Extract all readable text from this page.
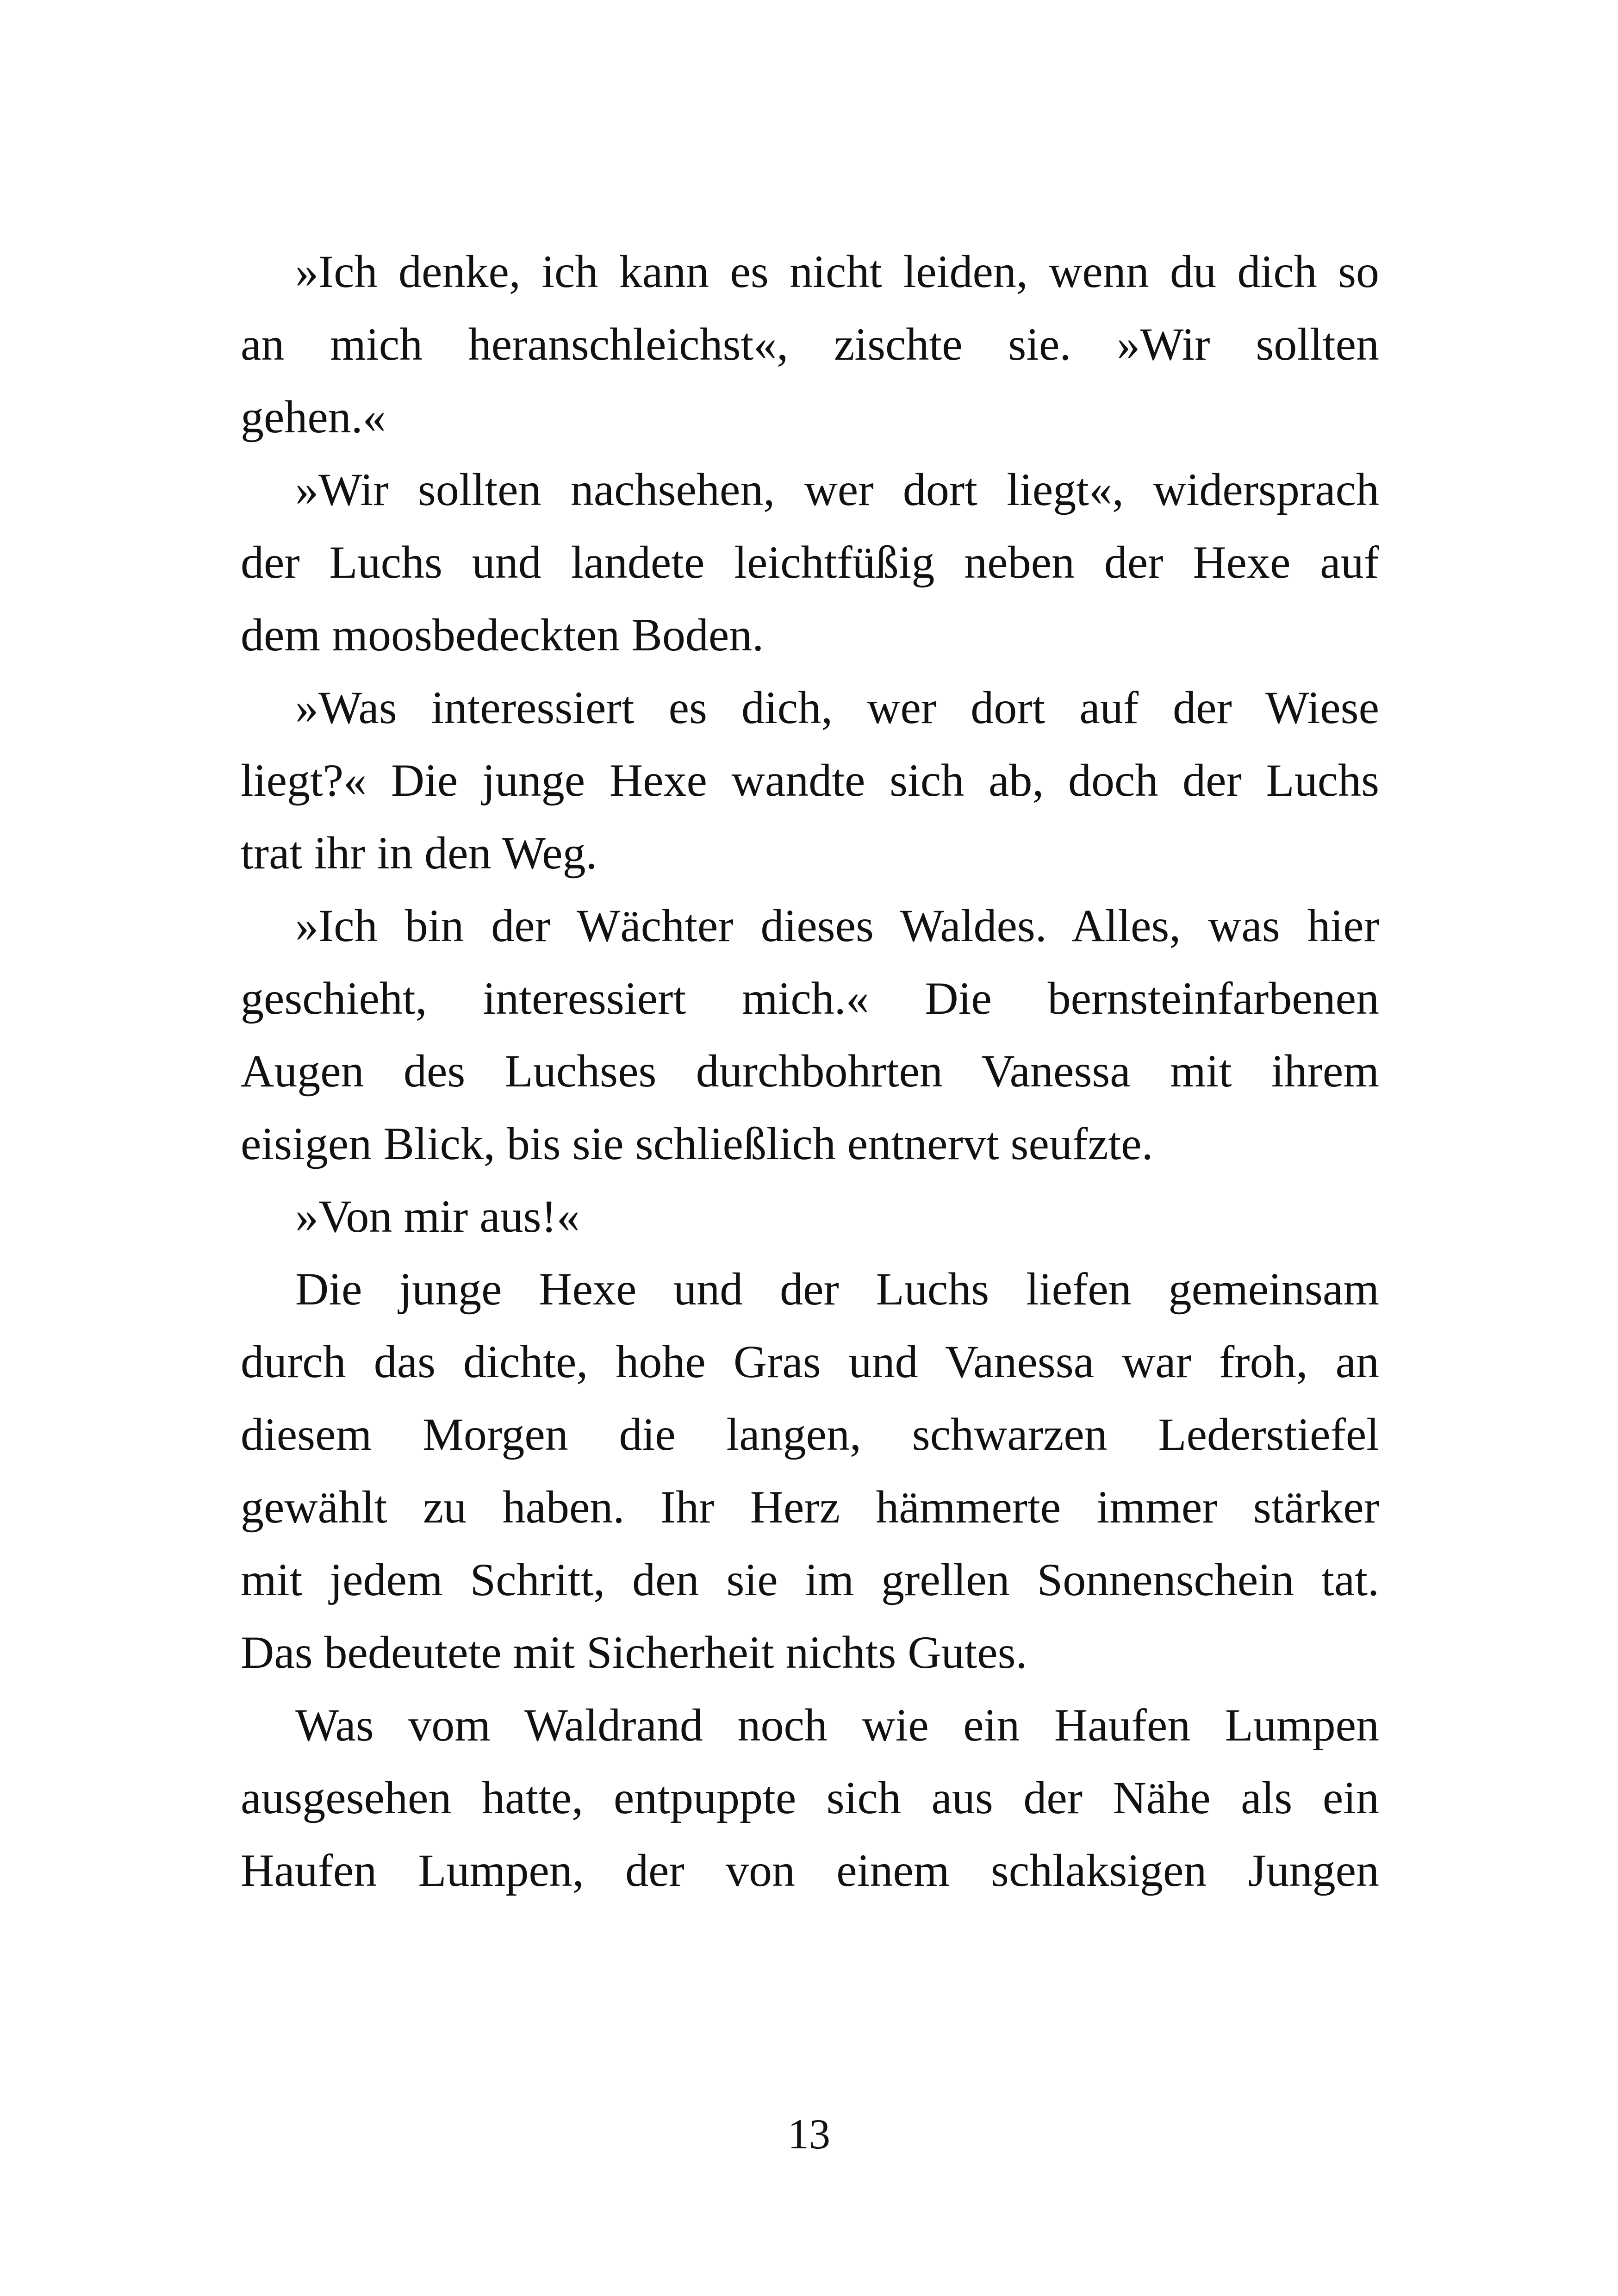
»Ich denke, ich kann es nicht leiden, wenn du dich so
an mich heranschleichst«, zischte sie. »Wir sollten
gehen.«
»Wir sollten nachsehen, wer dort liegt«, widersprach
der Luchs und landete leichtfüßig neben der Hexe auf
dem moosbedeckten Boden.
»Was interessiert es dich, wer dort auf der Wiese
liegt?« Die junge Hexe wandte sich ab, doch der Luchs
trat ihr in den Weg.
»Ich bin der Wächter dieses Waldes. Alles, was hier
geschieht, interessiert mich.« Die bernsteinfarbenen
Augen des Luchses durchbohrten Vanessa mit ihrem
eisigen Blick, bis sie schließlich entnervt seufzte.
»Von mir aus!«
Die junge Hexe und der Luchs liefen gemeinsam
durch das dichte, hohe Gras und Vanessa war froh, an
diesem Morgen die langen, schwarzen Lederstiefel
gewählt zu haben. Ihr Herz hämmerte immer stärker
mit jedem Schritt, den sie im grellen Sonnenschein tat.
Das bedeutete mit Sicherheit nichts Gutes.
Was vom Waldrand noch wie ein Haufen Lumpen
ausgesehen hatte, entpuppte sich aus der Nähe als ein
Haufen Lumpen, der von einem schlaksigen Jungen
13
